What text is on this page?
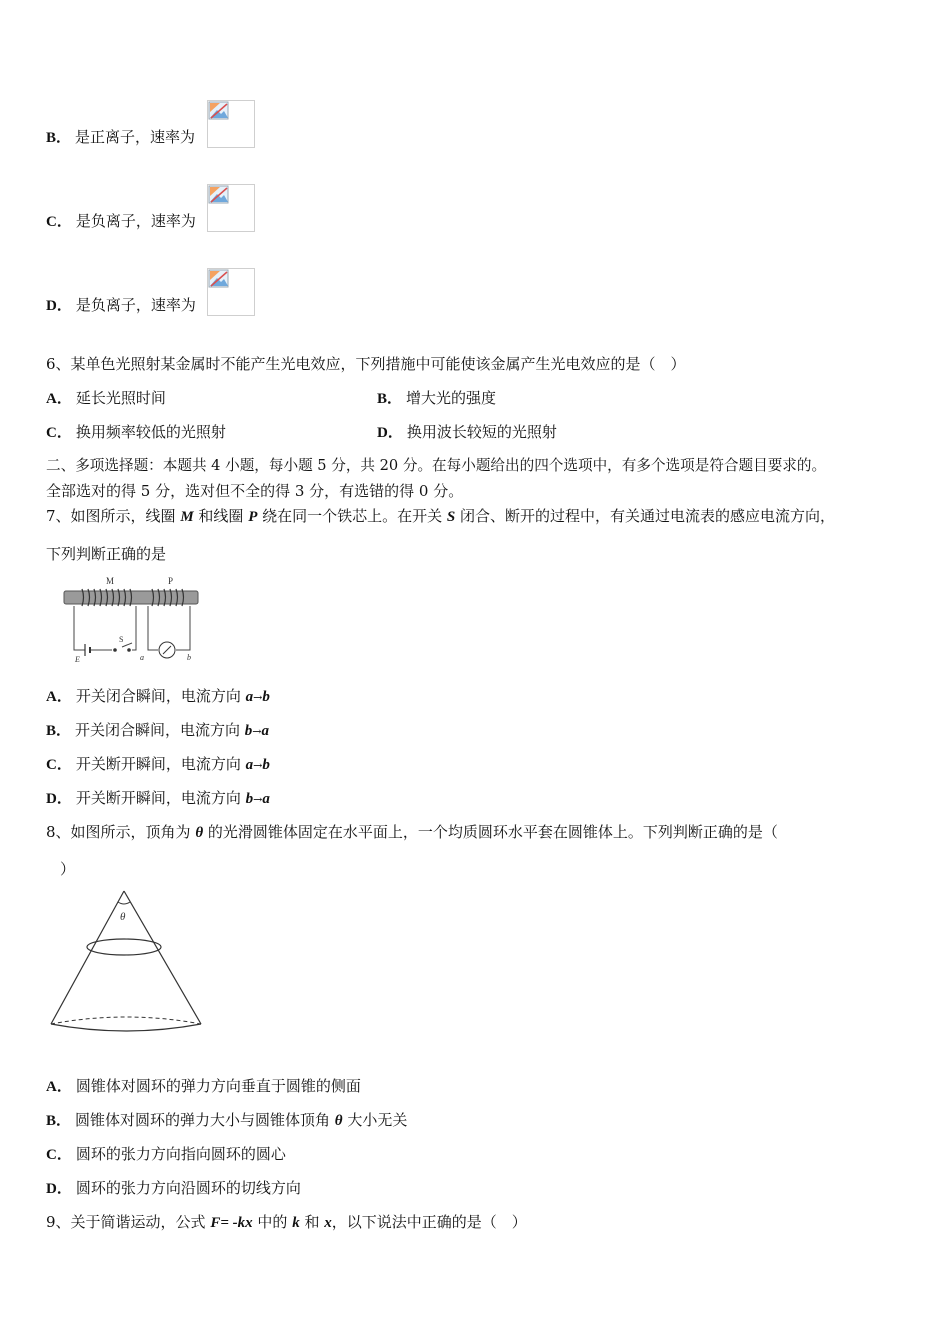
B． 是正离子，速率为
C． 是负离子，速率为
D． 是负离子，速率为
6、某单色光照射某金属时不能产生光电效应，下列措施中可能使该金属产生光电效应的是（　）
A． 延长光照时间	B． 增大光的强度
C． 换用频率较低的光照射	D． 换用波长较短的光照射
二、多项选择题：本题共 4 小题，每小题 5 分，共 20 分。在每小题给出的四个选项中，有多个选项是符合题目要求的。
全部选对的得 5 分，选对但不全的得 3 分，有选错的得 0 分。
7、如图所示，线圈 M 和线圈 P 绕在同一个铁芯上。在开关 S 闭合、断开的过程中，有关通过电流表的感应电流方向，
下列判断正确的是
M	P
S
E	a	b
A． 开关闭合瞬间，电流方向 a→b
B． 开关闭合瞬间，电流方向 b→a
C． 开关断开瞬间，电流方向 a→b
D． 开关断开瞬间，电流方向 b→a
8、如图所示，顶角为 θ 的光滑圆锥体固定在水平面上，一个均质圆环水平套在圆锥体上。下列判断正确的是（
）
θ
A． 圆锥体对圆环的弹力方向垂直于圆锥的侧面
B． 圆锥体对圆环的弹力大小与圆锥体顶角 θ 大小无关
C． 圆环的张力方向指向圆环的圆心
D． 圆环的张力方向沿圆环的切线方向
9、关于简谐运动，公式 F= -kx 中的 k 和 x，以下说法中正确的是（　）
